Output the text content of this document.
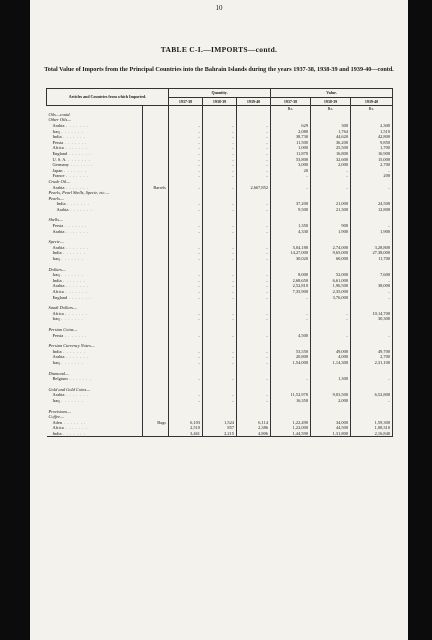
10
TABLE C-I.—IMPORTS—contd.
Total Value of Imports from the Principal Countries into the Bahrain Islands during the years 1937-38, 1938-39 and 1939-40—contd.
Articles and Countries from which Imported.		Quantity.			Value.		
		1937-38	1938-39	1939-40	1937-38	1938-39	1939-40
					Rs.	Rs.	Rs.
Oils—contd.							
Other Oils—							
Arabia . . .		..	..	..	629	300	2,300
Iraq . . .		..	..	..	2,080	1,764	1,510
India . . .		..	..	..	38,730	44,620	42,800
Persia . . .		..	..	..	11,500	36,200	9,850
Africa . . .		..	..	..	1,000	25,500	1,700
England . . .		..	..	..	11,870	16,800	16,900
U. S. A. . . .		..	..	..	53,800	32,600	15,000
Germany . . .		..	..	..	3,000	2,000	2,700
Japan . . .		..	..	..	20	..	..
France . . .		..	..	..	..	..	200
Crude Oil—							
Arabia . . .	Barrels	..	..	2,667,852	..	..	..
Pearls, Pearl Shells, Specie, etc.—							
Pearls—							
India . . .		..	..	..	37,200	21,000	24,500
Arabia . . .		..	..	..	9,500	21,300	12,800

Shells—							
Persia . . .		..	..	..	1,350	900	..
Arabia . . .		..	..	..	4,330	1,900	1,900

Specie—							
Arabia . . .		..	..	..	5,04,180	2,74,000	3,28,800
India . . .		..	..	..	14,27,000	9,65,000	27,38,000
Iraq . . .		..	..	..	30,020	60,000	11,700

Dollars—							
Iraq . . .		..	..	..	8,000	52,000	7,600
India . . .		..	..	..	2,68,650	6,61,000	..
Arabia . . .		..	..	..	2,52,810	1,96,500	38,000
Africa . . .		..	..	..	7,35,900	2,35,000	..
England . . .		..	..	..	..	3,76,000	..

Saudi Dollars—							
Africa . . .		..	..	..	..	..	10,14,700
Iraq . . .		..	..	..	..	..	30,300

Persian Coins—							
Persia . . .		..	..	..	4,500	..	..

Persian Currency Notes—							
India . . .		..	..	..	53,550	49,000	49,700
Arabia . . .		..	..	..	20,800	4,000	2,700
Iraq . . .		..	..	..	1,54,000	1,14,300	2,31,100

Diamond—							
Belgium . . .		..	..	..	..	1,300	..

Gold and Gold Coins—							
Arabia . . .		..	..	..	11,52,970	9,03,500	6,52,800
Iraq . . .		..	..	..	16,350	2,000	..

Provisions—							
Coffee—							
Aden . . .	Bags	6,103	1,524	6,114	1,22,490	34,000	1,59,300
Africa . . .		2,510	857	2,386	1,22,000	44,500	1,08,310
India . . .		3,461	2,215	4,806	1,44,590	1,31,800	2,16,840
